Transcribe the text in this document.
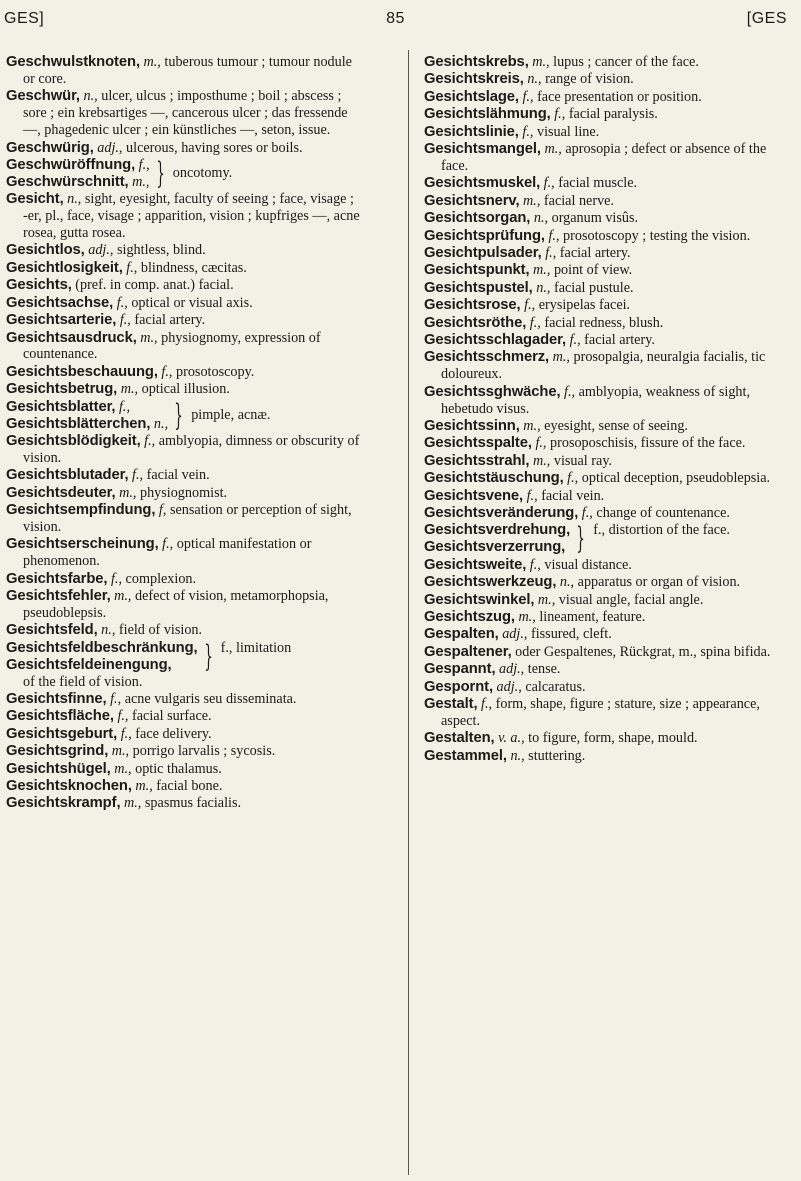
GES]	85	[GES
Geschwulstknoten, m., tuberous tumour ; tumour nodule or core.
Geschwür, n., ulcer, ulcus ; imposthume ; boil ; abscess ; sore ; ein krebsartiges —, cancerous ulcer ; das fressende —, phagedenic ulcer ; ein künstliches —, seton, issue.
Geschwürig, adj., ulcerous, having sores or boils.
Geschwüröffnung, f.,
Geschwürschnitt, m., } oncotomy.
Gesicht, n., sight, eyesight, faculty of seeing ; face, visage ; -er, pl., face, visage ; apparition, vision ; kupfriges —, acne rosea, gutta rosea.
Gesichtlos, adj., sightless, blind.
Gesichtlosigkeit, f., blindness, cæcitas.
Gesichts, (pref. in comp. anat.) facial.
Gesichtsachse, f., optical or visual axis.
Gesichtsarterie, f., facial artery.
Gesichtsausdruck, m., physiognomy, expression of countenance.
Gesichtsbeschauung, f., prosotoscopy.
Gesichtsbetrug, m., optical illusion.
Gesichtsblatter, f.,
Gesichtsblätterchen, n., } pimple, acnæ.
Gesichtsblödigkeit, f., amblyopia, dimness or obscurity of vision.
Gesichtsblutader, f., facial vein.
Gesichtsdeuter, m., physiognomist.
Gesichtsempfindung, f, sensation or perception of sight, vision.
Gesichtserscheinung, f., optical manifestation or phenomenon.
Gesichtsfarbe, f., complexion.
Gesichtsfehler, m., defect of vision, metamorphopsia, pseudoblepsis.
Gesichtsfeld, n., field of vision.
Gesichtsfeldbeschränkung,
Gesichtsfeldeinengung,	} f., limitation
of the field of vision.
Gesichtsfinne, f., acne vulgaris seu disseminata.
Gesichtsfläche, f., facial surface.
Gesichtsgeburt, f., face delivery.
Gesichtsgrind, m., porrigo larvalis ; sycosis.
Gesichtshügel, m., optic thalamus.
Gesichtsknochen, m., facial bone.
Gesichtskrampf, m., spasmus facialis.
Gesichtskrebs, m., lupus ; cancer of the face.
Gesichtskreis, n., range of vision.
Gesichtslage, f., face presentation or position.
Gesichtslähmung, f., facial paralysis.
Gesichtslinie, f., visual line.
Gesichtsmangel, m., aprosopia ; defect or absence of the face.
Gesichtsmuskel, f., facial muscle.
Gesichtsnerv, m., facial nerve.
Gesichtsorgan, n., organum visûs.
Gesichtsprüfung, f., prosotoscopy ; testing the vision.
Gesichtpulsader, f., facial artery.
Gesichtspunkt, m., point of view.
Gesichtspustel, n., facial pustule.
Gesichtsrose, f., erysipelas facei.
Gesichtsröthe, f., facial redness, blush.
Gesichtsschlagader, f., facial artery.
Gesichtsschmerz, m., prosopalgia, neuralgia facialis, tic doloureux.
Gesichtssghwäche, f., amblyopia, weakness of sight, hebetudo visus.
Gesichtssinn, m., eyesight, sense of seeing.
Gesichtsspalte, f., prosoposchisis, fissure of the face.
Gesichtsstrahl, m., visual ray.
Gesichtstäuschung, f., optical deception, pseudoblepsia.
Gesichtsvene, f., facial vein.
Gesichtsveränderung, f., change of countenance.
Gesichtsverdrehung,
Gesichtsverzerrung, } f., distortion of the face.
Gesichtsweite, f., visual distance.
Gesichtswerkzeug, n., apparatus or organ of vision.
Gesichtswinkel, m., visual angle, facial angle.
Gesichtszug, m., lineament, feature.
Gespalten, adj., fissured, cleft.
Gespaltener, oder Gespaltenes, Rückgrat, m., spina bifida.
Gespannt, adj., tense.
Gespornt, adj., calcaratus.
Gestalt, f., form, shape, figure ; stature, size ; appearance, aspect.
Gestalten, v. a., to figure, form, shape, mould.
Gestammel, n., stuttering.
